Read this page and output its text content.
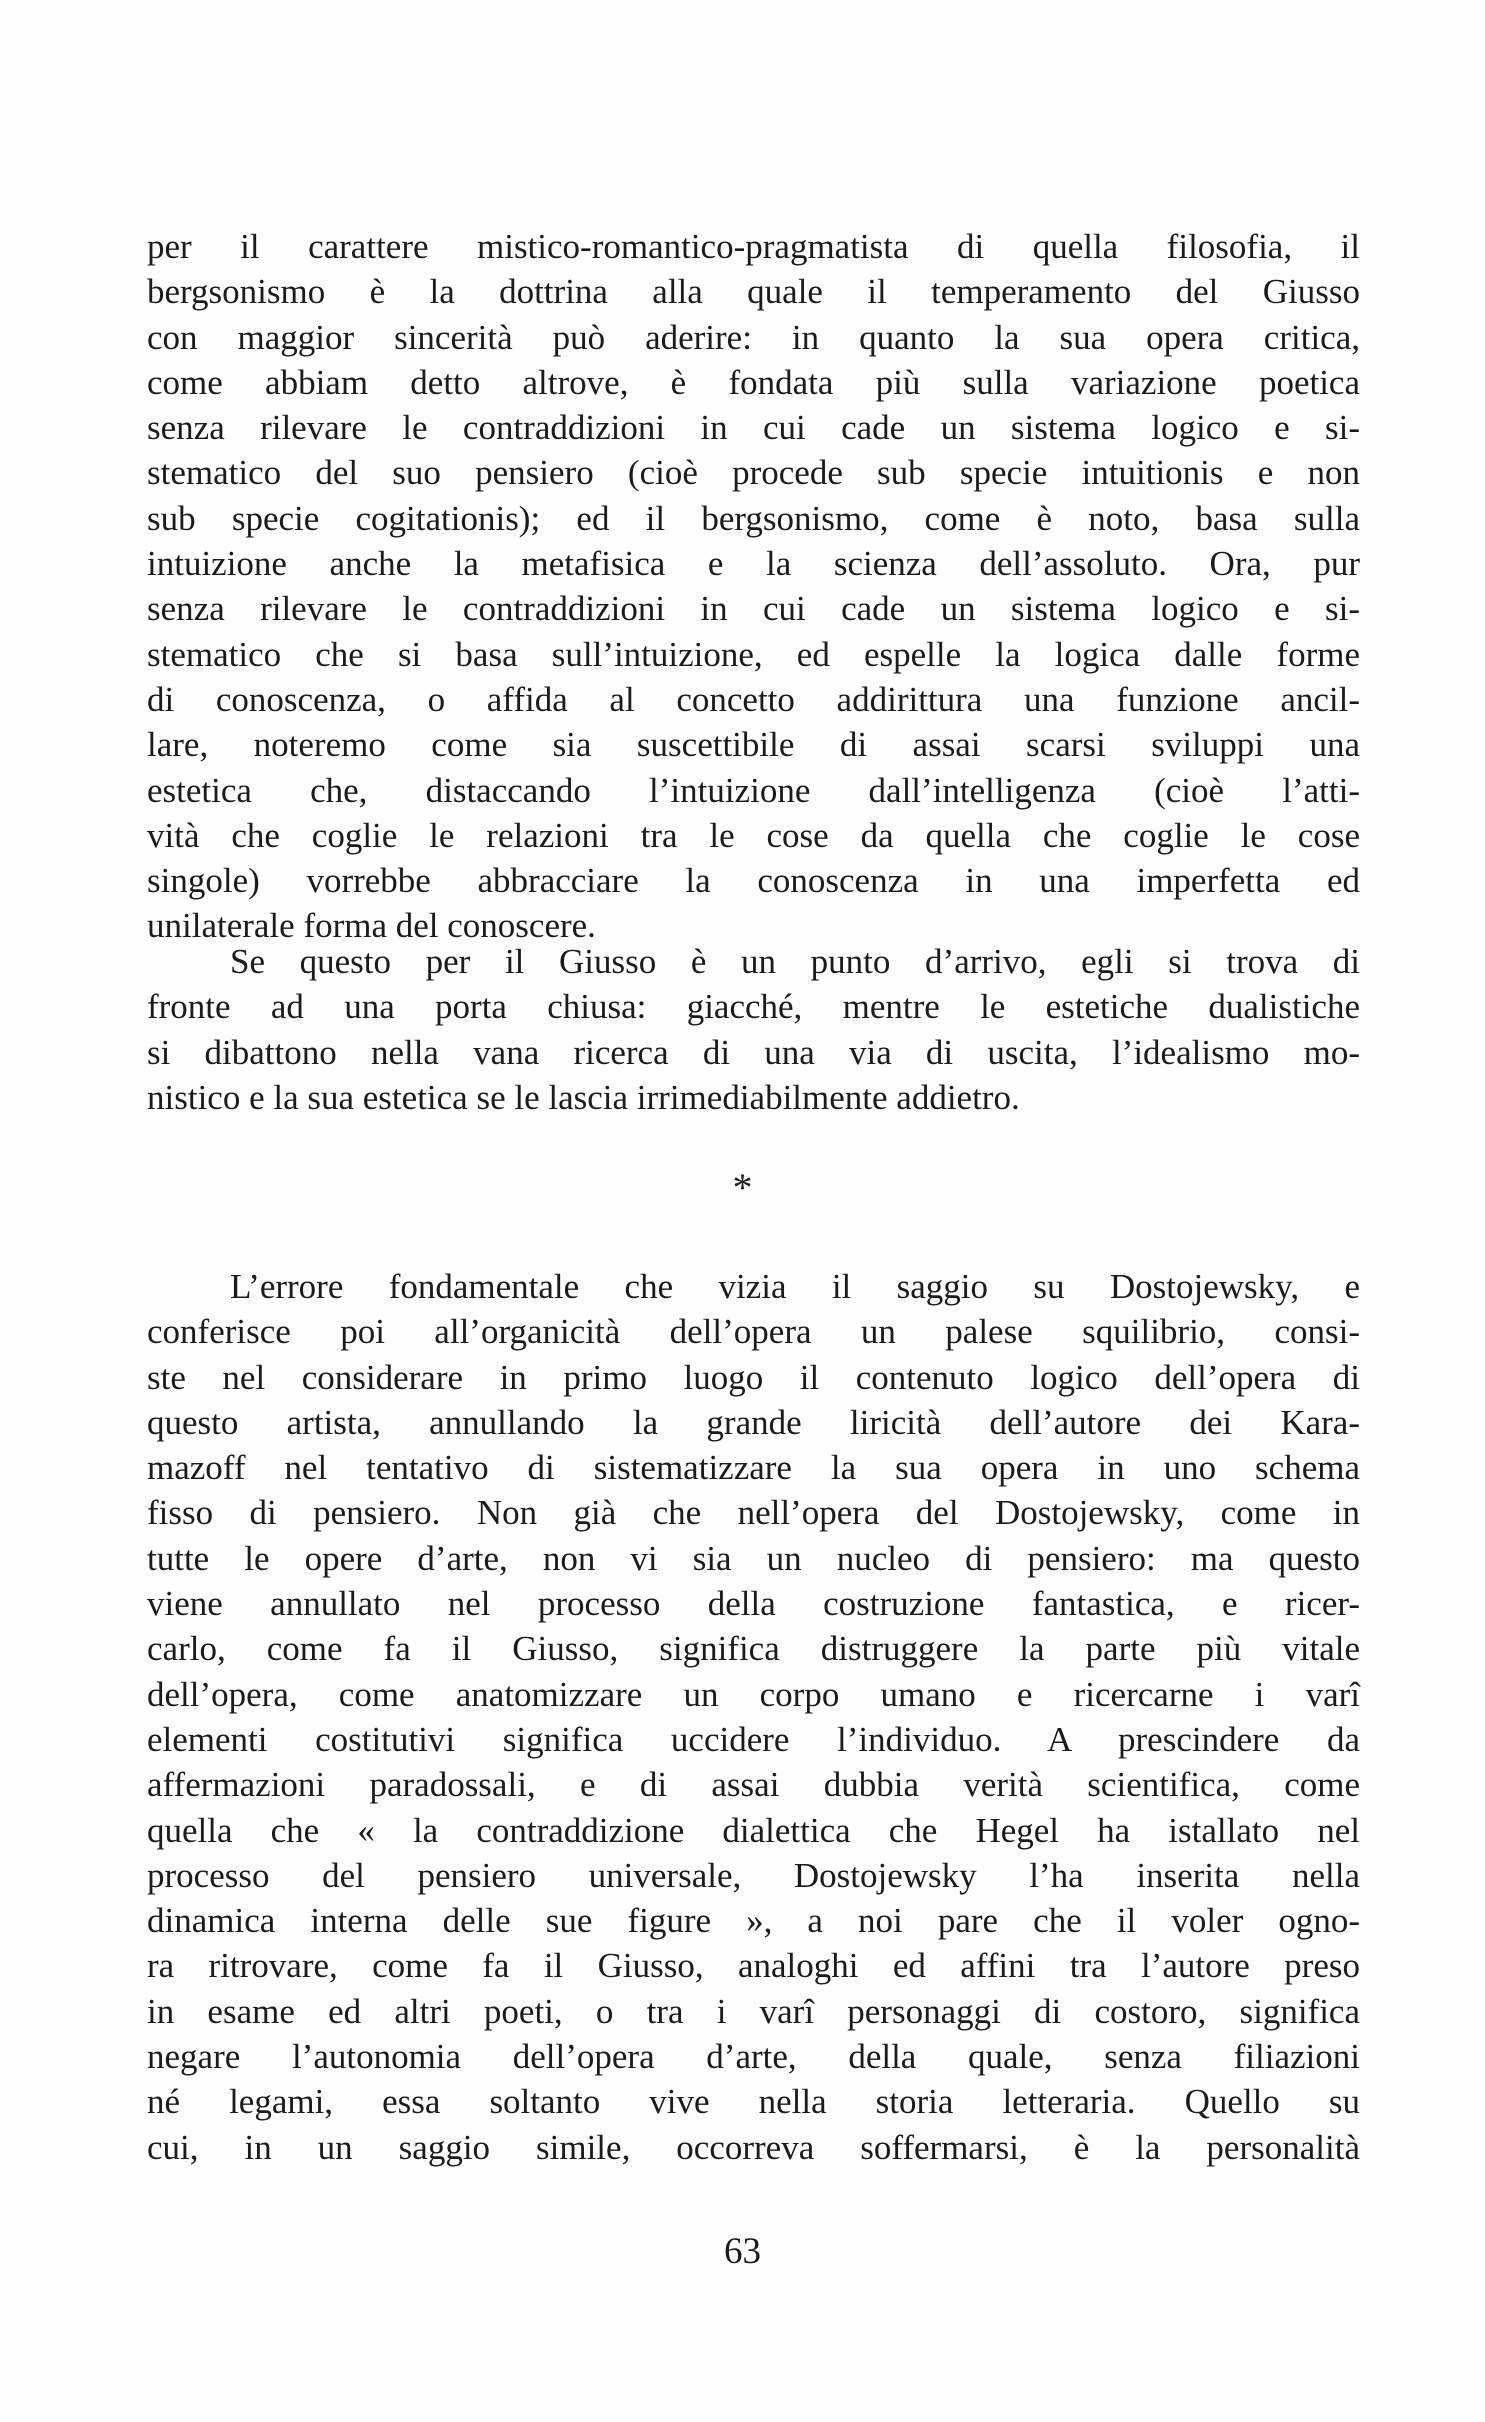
per il carattere mistico-romantico-pragmatista di quella filosofia, il
bergsonismo è la dottrina alla quale il temperamento del Giusso
con maggior sincerità può aderire: in quanto la sua opera critica,
come abbiam detto altrove, è fondata più sulla variazione poetica
senza rilevare le contraddizioni in cui cade un sistema logico e si-
stematico del suo pensiero (cioè procede sub specie intuitionis e non
sub specie cogitationis); ed il bergsonismo, come è noto, basa sulla
intuizione anche la metafisica e la scienza dell’assoluto. Ora, pur
senza rilevare le contraddizioni in cui cade un sistema logico e si-
stematico che si basa sull’intuizione, ed espelle la logica dalle forme
di conoscenza, o affida al concetto addirittura una funzione ancil-
lare, noteremo come sia suscettibile di assai scarsi sviluppi una
estetica che, distaccando l’intuizione dall’intelligenza (cioè l’atti-
vità che coglie le relazioni tra le cose da quella che coglie le cose
singole) vorrebbe abbracciare la conoscenza in una imperfetta ed
unilaterale forma del conoscere.
Se questo per il Giusso è un punto d’arrivo, egli si trova di
fronte ad una porta chiusa: giacché, mentre le estetiche dualistiche
si dibattono nella vana ricerca di una via di uscita, l’idealismo mo-
nistico e la sua estetica se le lascia irrimediabilmente addietro.
*
L’errore fondamentale che vizia il saggio su Dostojewsky, e
conferisce poi all’organicità dell’opera un palese squilibrio, consi-
ste nel considerare in primo luogo il contenuto logico dell’opera di
questo artista, annullando la grande liricità dell’autore dei Kara-
mazoff nel tentativo di sistematizzare la sua opera in uno schema
fisso di pensiero. Non già che nell’opera del Dostojewsky, come in
tutte le opere d’arte, non vi sia un nucleo di pensiero: ma questo
viene annullato nel processo della costruzione fantastica, e ricer-
carlo, come fa il Giusso, significa distruggere la parte più vitale
dell’opera, come anatomizzare un corpo umano e ricercarne i varî
elementi costitutivi significa uccidere l’individuo. A prescindere da
affermazioni paradossali, e di assai dubbia verità scientifica, come
quella che « la contraddizione dialettica che Hegel ha istallato nel
processo del pensiero universale, Dostojewsky l’ha inserita nella
dinamica interna delle sue figure », a noi pare che il voler ogno-
ra ritrovare, come fa il Giusso, analoghi ed affini tra l’autore preso
in esame ed altri poeti, o tra i varî personaggi di costoro, significa
negare l’autonomia dell’opera d’arte, della quale, senza filiazioni
né legami, essa soltanto vive nella storia letteraria. Quello su
cui, in un saggio simile, occorreva soffermarsi, è la personalità
63
